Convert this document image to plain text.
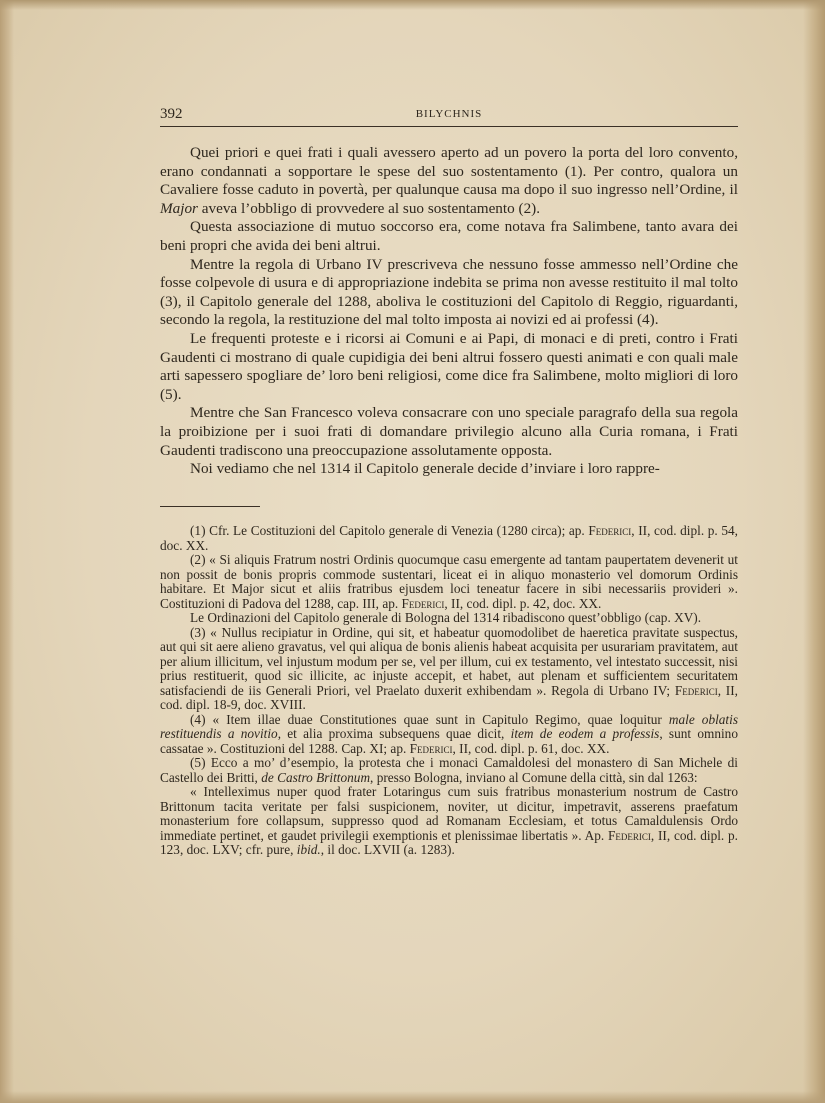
392	BILYCHNIS

Quei priori e quei frati i quali avessero aperto ad un povero la porta del loro convento, erano condannati a sopportare le spese del suo sostentamento (1). Per contro, qualora un Cavaliere fosse caduto in povertà, per qualunque causa ma dopo il suo ingresso nell’Ordine, il Major aveva l’obbligo di provvedere al suo sostentamento (2).

Questa associazione di mutuo soccorso era, come notava fra Salimbene, tanto avara dei beni propri che avida dei beni altrui.

Mentre la regola di Urbano IV prescriveva che nessuno fosse ammesso nell’Ordine che fosse colpevole di usura e di appropriazione indebita se prima non avesse restituito il mal tolto (3), il Capitolo generale del 1288, aboliva le costituzioni del Capitolo di Reggio, riguardanti, secondo la regola, la restituzione del mal tolto imposta ai novizi ed ai professi (4).

Le frequenti proteste e i ricorsi ai Comuni e ai Papi, di monaci e di preti, contro i Frati Gaudenti ci mostrano di quale cupidigia dei beni altrui fossero questi animati e con quali male arti sapessero spogliare de’ loro beni religiosi, come dice fra Salimbene, molto migliori di loro (5).

Mentre che San Francesco voleva consacrare con uno speciale paragrafo della sua regola la proibizione per i suoi frati di domandare privilegio alcuno alla Curia romana, i Frati Gaudenti tradiscono una preoccupazione assolutamente opposta.

Noi vediamo che nel 1314 il Capitolo generale decide d’inviare i loro rappre-

(1) Cfr. Le Costituzioni del Capitolo generale di Venezia (1280 circa); ap. Federici, II, cod. dipl. p. 54, doc. XX.

(2) « Si aliquis Fratrum nostri Ordinis quocumque casu emergente ad tantam paupertatem devenerit ut non possit de bonis propris commode sustentari, liceat ei in aliquo monasterio vel domorum Ordinis habitare. Et Major sicut et aliis fratribus ejusdem loci teneatur facere in sibi necessariis provideri ». Costituzioni di Padova del 1288, cap. III, ap. Federici, II, cod. dipl. p. 42, doc. XX.

Le Ordinazioni del Capitolo generale di Bologna del 1314 ribadiscono quest’obbligo (cap. XV).

(3) « Nullus recipiatur in Ordine, qui sit, et habeatur quomodolibet de haeretica pravitate suspectus, aut qui sit aere alieno gravatus, vel qui aliqua de bonis alienis habeat acquisita per usurariam pravitatem, aut per alium illicitum, vel injustum modum per se, vel per illum, cui ex testamento, vel intestato successit, nisi prius restituerit, quod sic illicite, ac injuste accepit, et habet, aut plenam et sufficientem securitatem satisfaciendi de iis Generali Priori, vel Praelato duxerit exhibendam ». Regola di Urbano IV; Federici, II, cod. dipl. 18-9, doc. XVIII.

(4) « Item illae duae Constitutiones quae sunt in Capitulo Regimo, quae loquitur male oblatis restituendis a novitio, et alia proxima subsequens quae dicit, item de eodem a professis, sunt omnino cassatae ». Costituzioni del 1288. Cap. XI; ap. Federici, II, cod. dipl. p. 61, doc. XX.

(5) Ecco a mo’ d’esempio, la protesta che i monaci Camaldolesi del monastero di San Michele di Castello dei Britti, de Castro Brittonum, presso Bologna, inviano al Comune della città, sin dal 1263:

« Intelleximus nuper quod frater Lotaringus cum suis fratribus monasterium nostrum de Castro Brittonum tacita veritate per falsi suspicionem, noviter, ut dicitur, impetravit, asserens praefatum monasterium fore collapsum, suppresso quod ad Romanam Ecclesiam, et totus Camaldulensis Ordo immediate pertinet, et gaudet privilegii exemptionis et plenissimae libertatis ». Ap. Federici, II, cod. dipl. p. 123, doc. LXV; cfr. pure, ibid., il doc. LXVII (a. 1283).
